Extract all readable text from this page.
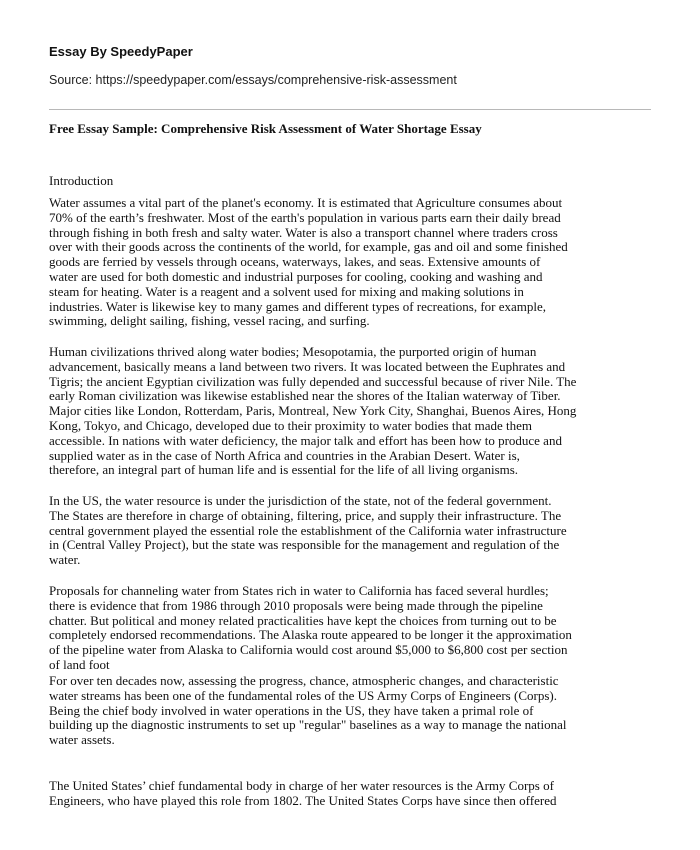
Essay By SpeedyPaper
Source: https://speedypaper.com/essays/comprehensive-risk-assessment
Free Essay Sample: Comprehensive Risk Assessment of Water Shortage Essay
Introduction

Water assumes a vital part of the planet's economy. It is estimated that Agriculture consumes about

70% of the earth’s freshwater. Most of the earth's population in various parts earn their daily bread

through fishing in both fresh and salty water. Water is also a transport channel where traders cross

over with their goods across the continents of the world, for example, gas and oil and some finished

goods are ferried by vessels through oceans, waterways, lakes, and seas. Extensive amounts of

water are used for both domestic and industrial purposes for cooling, cooking and washing and

steam for heating. Water is a reagent and a solvent used for mixing and making solutions in

industries. Water is likewise key to many games and different types of recreations, for example,

swimming, delight sailing, fishing, vessel racing, and surfing.

Human civilizations thrived along water bodies; Mesopotamia, the purported origin of human

advancement, basically means a land between two rivers. It was located between the Euphrates and

Tigris; the ancient Egyptian civilization was fully depended and successful because of river Nile. The

early Roman civilization was likewise established near the shores of the Italian waterway of Tiber.

Major cities like London, Rotterdam, Paris, Montreal, New York City, Shanghai, Buenos Aires, Hong

Kong, Tokyo, and Chicago, developed due to their proximity to water bodies that made them

accessible. In nations with water deficiency, the major talk and effort has been how to produce and

supplied water as in the case of North Africa and countries in the Arabian Desert. Water is,

therefore, an integral part of human life and is essential for the life of all living organisms.

In the US, the water resource is under the jurisdiction of the state, not of the federal government.

The States are therefore in charge of obtaining, filtering, price, and supply their infrastructure. The

central government played the essential role the establishment of the California water infrastructure

in (Central Valley Project), but the state was responsible for the management and regulation of the

water.

Proposals for channeling water from States rich in water to California has faced several hurdles;

there is evidence that from 1986 through 2010 proposals were being made through the pipeline

chatter. But political and money related practicalities have kept the choices from turning out to be

completely endorsed recommendations. The Alaska route appeared to be longer it the approximation

of the pipeline water from Alaska to California would cost around $5,000 to $6,800 cost per section

of land foot

For over ten decades now, assessing the progress, chance, atmospheric changes, and characteristic

water streams has been one of the fundamental roles of the US Army Corps of Engineers (Corps).

Being the chief body involved in water operations in the US, they have taken a primal role of

building up the diagnostic instruments to set up "regular" baselines as a way to manage the national

water assets.

The United States’ chief fundamental body in charge of her water resources is the Army Corps of

Engineers, who have played this role from 1802. The United States Corps have since then offered
